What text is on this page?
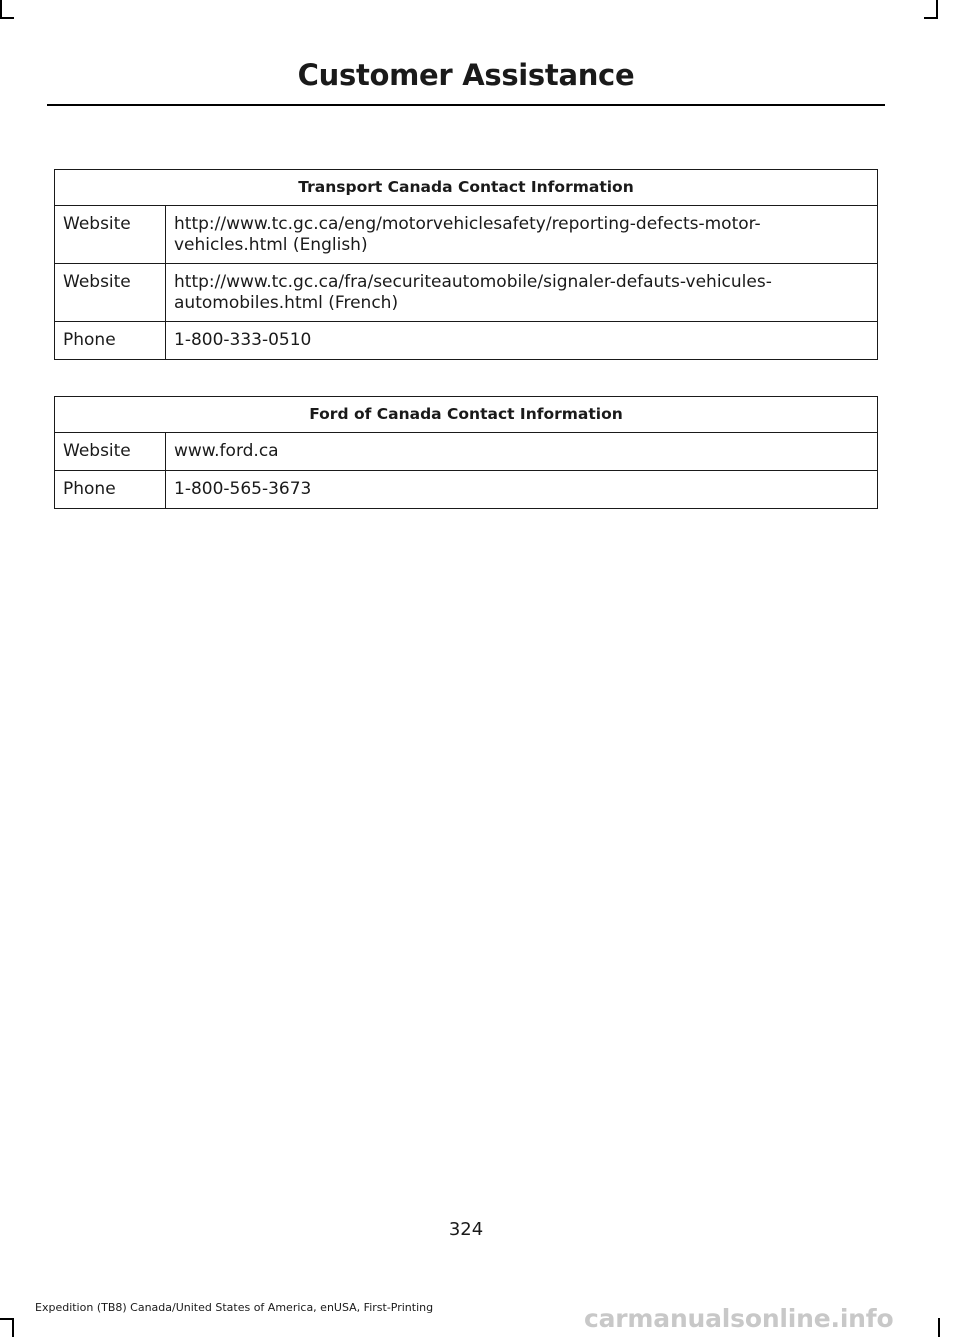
Customer Assistance
Transport Canada Contact Information	
Website	http://www.tc.gc.ca/eng/motorvehiclesafety/reporting-defects-motor-vehicles.html (English)
Website	http://www.tc.gc.ca/fra/securiteautomobile/signaler-defauts-vehicules-automobiles.html (French)
Phone	1-800-333-0510
Ford of Canada Contact Information	
Website	www.ford.ca
Phone	1-800-565-3673

324

Expedition (TB8) Canada/United States of America, enUSA, First-Printing	carmanualsonline.info
